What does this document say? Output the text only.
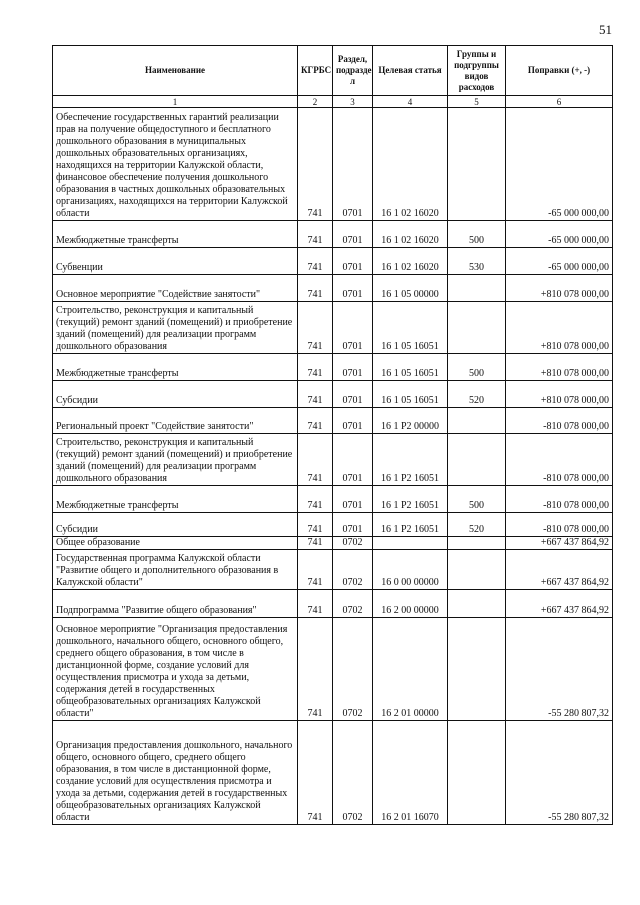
51
Наименование	КГРБС	Раздел, подразде л	Целевая статья	Группы и подгруппы видов расходов	Поправки (+, -)
1	2	3	4	5	6
Обеспечение государственных гарантий реализации прав на получение общедоступного и бесплатного дошкольного образования в муниципальных дошкольных образовательных организациях, находящихся на территории Калужской области, финансовое обеспечение получения дошкольного образования в частных дошкольных образовательных организациях, находящихся на территории Калужской области	741	0701	16 1 02 16020		-65 000 000,00
Межбюджетные трансферты	741	0701	16 1 02 16020	500	-65 000 000,00
Субвенции	741	0701	16 1 02 16020	530	-65 000 000,00
Основное мероприятие "Содействие занятости"	741	0701	16 1 05 00000		+810 078 000,00
Строительство, реконструкция и капитальный (текущий) ремонт зданий (помещений) и приобретение зданий (помещений) для реализации программ дошкольного образования	741	0701	16 1 05 16051		+810 078 000,00
Межбюджетные трансферты	741	0701	16 1 05 16051	500	+810 078 000,00
Субсидии	741	0701	16 1 05 16051	520	+810 078 000,00
Региональный проект "Содействие занятости"	741	0701	16 1 P2 00000		-810 078 000,00
Строительство, реконструкция и капитальный (текущий) ремонт зданий (помещений) и приобретение зданий (помещений) для реализации программ дошкольного образования	741	0701	16 1 P2 16051		-810 078 000,00
Межбюджетные трансферты	741	0701	16 1 P2 16051	500	-810 078 000,00
Субсидии	741	0701	16 1 P2 16051	520	-810 078 000,00
Общее образование	741	0702			+667 437 864,92
Государственная программа Калужской области "Развитие общего и дополнительного образования в Калужской области"	741	0702	16 0 00 00000		+667 437 864,92
Подпрограмма "Развитие общего образования"	741	0702	16 2 00 00000		+667 437 864,92
Основное мероприятие "Организация предоставления дошкольного, начального общего, основного общего, среднего общего образования, в том числе в дистанционной форме, создание условий для осуществления присмотра и ухода за детьми, содержания детей в государственных общеобразовательных организациях Калужской области"	741	0702	16 2 01 00000		-55 280 807,32
Организация предоставления дошкольного, начального общего, основного общего, среднего общего образования, в том числе в дистанционной форме, создание условий для осуществления присмотра и ухода за детьми, содержания детей в государственных общеобразовательных организациях Калужской области	741	0702	16 2 01 16070		-55 280 807,32
